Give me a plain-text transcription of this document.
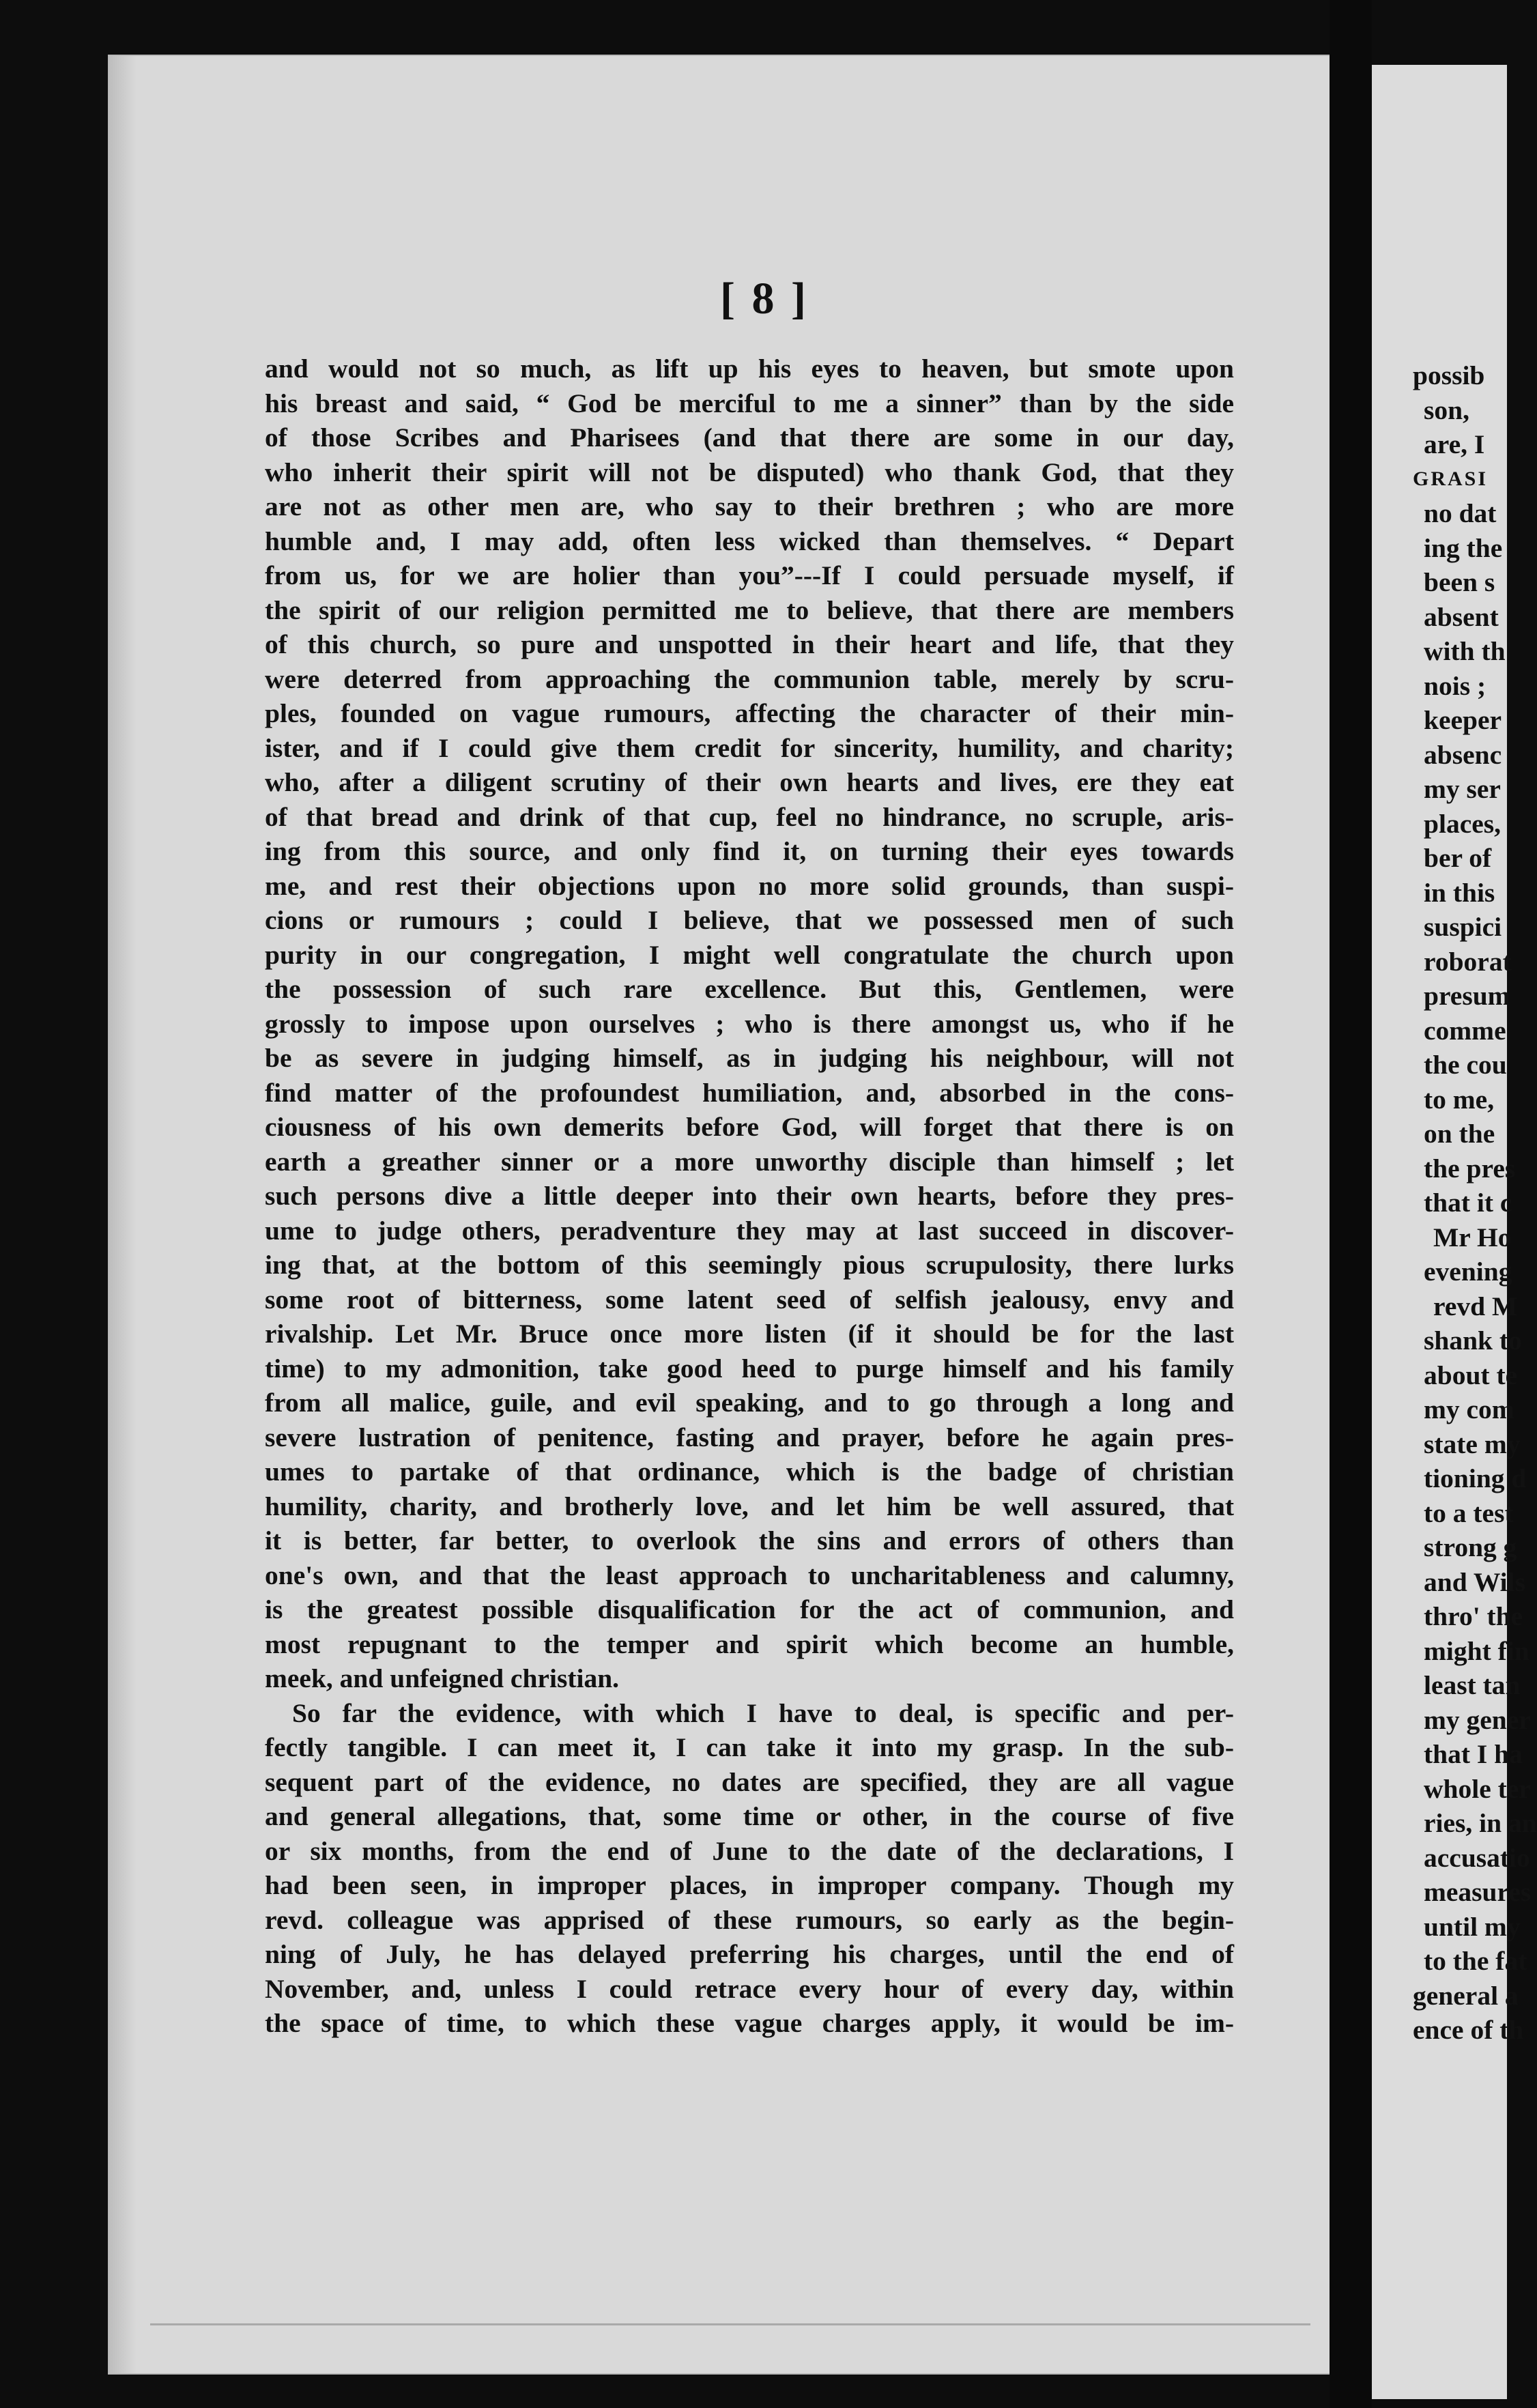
[ 8 ]
and would not so much, as lift up his eyes to heaven, but smote upon
his breast and said, “ God be merciful to me a sinner” than by the side
of those Scribes and Pharisees (and that there are some in our day,
who inherit their spirit will not be disputed) who thank God, that they
are not as other men are, who say to their brethren ; who are more
humble and, I may add, often less wicked than themselves. “ Depart
from us, for we are holier than you”---If I could persuade myself, if
the spirit of our religion permitted me to believe, that there are members
of this church, so pure and unspotted in their heart and life, that they
were deterred from approaching the communion table, merely by scru-
ples, founded on vague rumours, affecting the character of their min-
ister, and if I could give them credit for sincerity, humility, and charity;
who, after a diligent scrutiny of their own hearts and lives, ere they eat
of that bread and drink of that cup, feel no hindrance, no scruple, aris-
ing from this source, and only find it, on turning their eyes towards
me, and rest their objections upon no more solid grounds, than suspi-
cions or rumours ; could I believe, that we possessed men of such
purity in our congregation, I might well congratulate the church upon
the possession of such rare excellence. But this, Gentlemen, were
grossly to impose upon ourselves ; who is there amongst us, who if he
be as severe in judging himself, as in judging his neighbour, will not
find matter of the profoundest humiliation, and, absorbed in the cons-
ciousness of his own demerits before God, will forget that there is on
earth a greather sinner or a more unworthy disciple than himself ; let
such persons dive a little deeper into their own hearts, before they pres-
ume to judge others, peradventure they may at last succeed in discover-
ing that, at the bottom of this seemingly pious scrupulosity, there lurks
some root of bitterness, some latent seed of selfish jealousy, envy and
rivalship. Let Mr. Bruce once more listen (if it should be for the last
time) to my admonition, take good heed to purge himself and his family
from all malice, guile, and evil speaking, and to go through a long and
severe lustration of penitence, fasting and prayer, before he again pres-
umes to partake of that ordinance, which is the badge of christian
humility, charity, and brotherly love, and let him be well assured, that
it is better, far better, to overlook the sins and errors of others than
one's own, and that the least approach to uncharitableness and calumny,
is the greatest possible disqualification for the act of communion, and
most repugnant to the temper and spirit which become an humble,
meek, and unfeigned christian.
So far the evidence, with which I have to deal, is specific and per-
fectly tangible. I can meet it, I can take it into my grasp. In the sub-
sequent part of the evidence, no dates are specified, they are all vague
and general allegations, that, some time or other, in the course of five
or six months, from the end of June to the date of the declarations, I
had been seen, in improper places, in improper company. Though my
revd. colleague was apprised of these rumours, so early as the begin-
ning of July, he has delayed preferring his charges, until the end of
November, and, unless I could retrace every hour of every day, within
the space of time, to which these vague charges apply, it would be im-
possib
son,
are, I
GRASI
no dat
ing the
been s
absent
with th
nois ;
keeper
absenc
my ser
places,
ber of
in this
suspici
roborat
presum
comme
the cou
to me,
on the
the pres
that it c
Mr Ho
evening
revd M
shank to
about te
my com
state my
tioning d
to a test
strong g
and Wils
thro' the
might fin
least tan
my gener
that I ha
whole ter
ries, in an
accusatio
measures
until my
to the fat
general a
ence of th
